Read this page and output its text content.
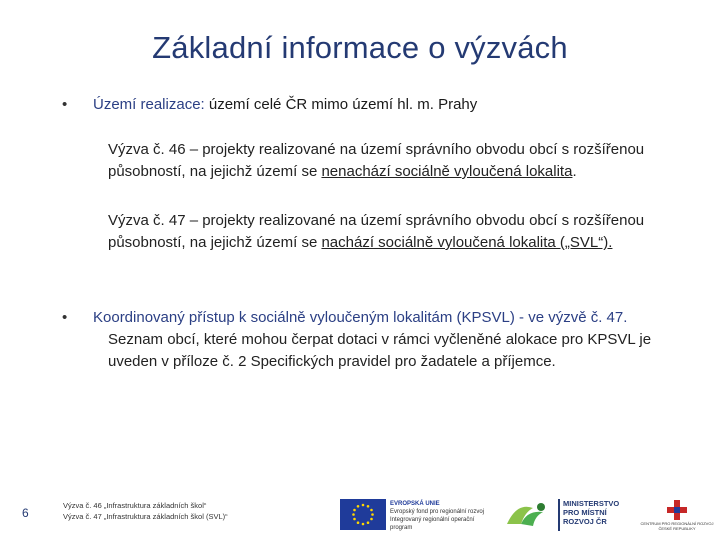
Základní informace o výzvách
• Území realizace: území celé ČR mimo území hl. m. Prahy
Výzva č. 46 – projekty realizované na území správního obvodu obcí s rozšířenou působností, na jejichž území se nenachází sociálně vyloučená lokalita.
Výzva č. 47 – projekty realizované na území správního obvodu obcí s rozšířenou působností, na jejichž území se nachází sociálně vyloučená lokalita („SVL“).
• Koordinovaný přístup k sociálně vyloučeným lokalitám (KPSVL) - ve výzvě č. 47.
Seznam obcí, které mohou čerpat dotaci v rámci vyčleněné alokace pro KPSVL je uveden v příloze č. 2 Specifických pravidel pro žadatele a příjemce.
6
Výzva č. 46 „Infrastruktura základních škol“
Výzva č. 47 „Infrastruktura základních škol (SVL)“
EVROPSKÁ UNIE
Evropský fond pro regionální rozvoj
Integrovaný regionální operační program
MINISTERSTVO
PRO MÍSTNÍ
ROZVOJ ČR	CENTRUM PRO REGIONÁLNÍ ROZVOJ
ČESKÉ REPUBLIKY
